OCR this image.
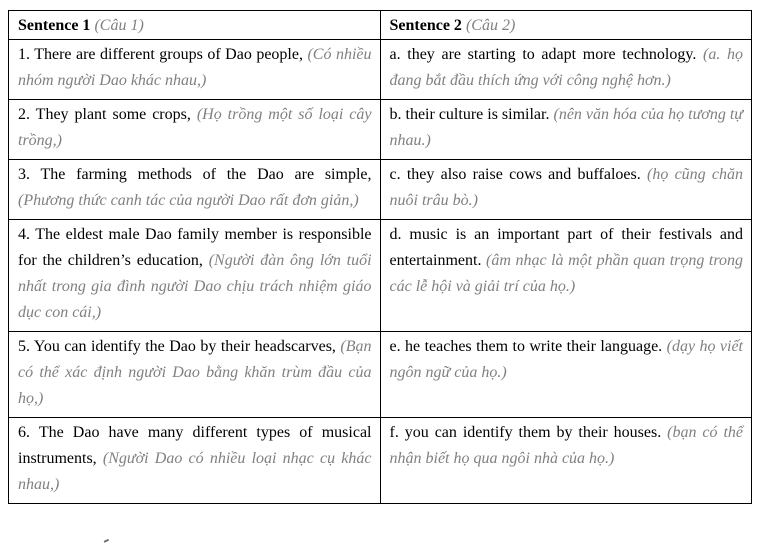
Sentence 1 (Câu 1)	Sentence 2 (Câu 2)
1. There are different groups of Dao people, (Có nhiều nhóm người Dao khác nhau,)	a. they are starting to adapt more technology. (a. họ đang bắt đầu thích ứng với công nghệ hơn.)
2. They plant some crops, (Họ trồng một số loại cây trồng,)	b. their culture is similar. (nên văn hóa của họ tương tự nhau.)
3. The farming methods of the Dao are simple, (Phương thức canh tác của người Dao rất đơn giản,)	c. they also raise cows and buffaloes. (họ cũng chăn nuôi trâu bò.)
4. The eldest male Dao family member is responsible for the children’s education, (Người đàn ông lớn tuổi nhất trong gia đình người Dao chịu trách nhiệm giáo dục con cái,)	d. music is an important part of their festivals and entertainment. (âm nhạc là một phần quan trọng trong các lễ hội và giải trí của họ.)
5. You can identify the Dao by their headscarves, (Bạn có thể xác định người Dao bằng khăn trùm đầu của họ,)	e. he teaches them to write their language. (dạy họ viết ngôn ngữ của họ.)
6. The Dao have many different types of musical instruments, (Người Dao có nhiều loại nhạc cụ khác nhau,)	f. you can identify them by their houses. (bạn có thể nhận biết họ qua ngôi nhà của họ.)
